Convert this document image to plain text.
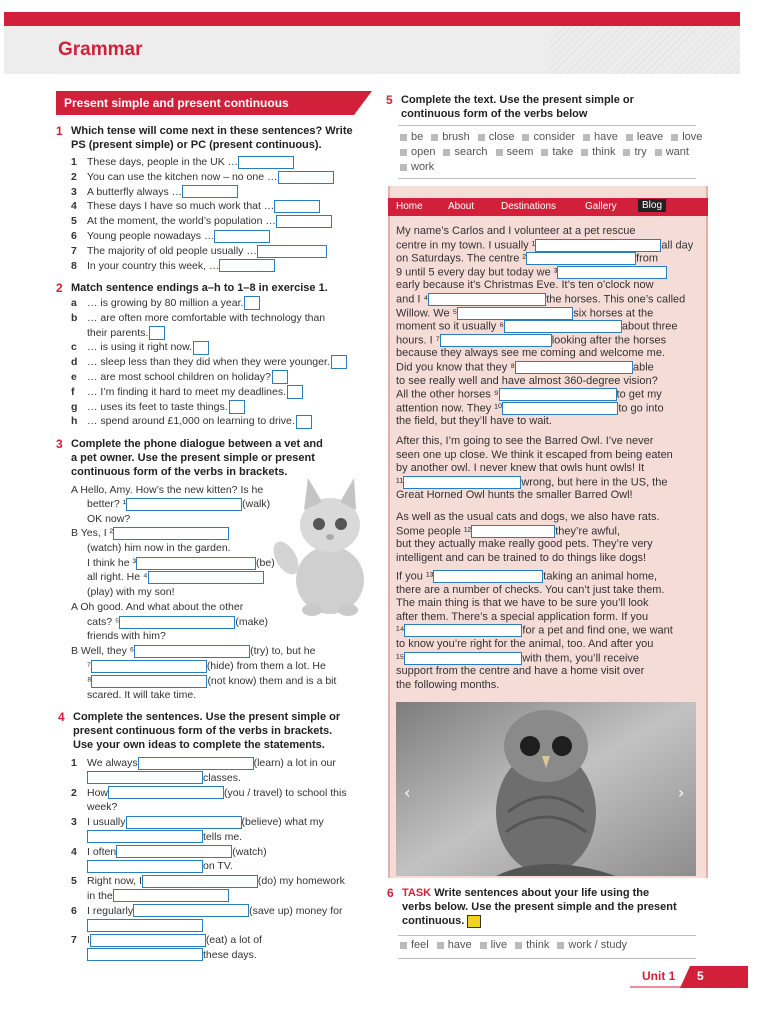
Grammar
Present simple and present continuous
1 Which tense will come next in these sentences? Write
PS (present simple) or PC (present continuous).
1 These days, people in the UK …
2 You can use the kitchen now – no one …
3 A butterfly always …
4 These days I have so much work that …
5 At the moment, the world’s population …
6 Young people nowadays …
7 The majority of old people usually …
8 In your country this week, …
2 Match sentence endings a–h to 1–8 in exercise 1.
a … is growing by 80 million a year.
b … are often more comfortable with technology than
their parents.
c … is using it right now.
d … sleep less than they did when they were younger.
e … are most school children on holiday?
f … I’m finding it hard to meet my deadlines.
g … uses its feet to taste things.
h … spend around £1,000 on learning to drive.
3 Complete the phone dialogue between a vet and
a pet owner. Use the present simple or present
continuous form of the verbs in brackets.
A Hello, Amy. How’s the new kitten? Is he
better? ¹	(walk)
OK now?
B Yes, I ²
(watch) him now in the garden.
I think he ³	(be)
all right. He ⁴
(play) with my son!
A Oh good. And what about the other
cats? ⁵	(make)
friends with him?
B Well, they ⁶	(try) to, but he
⁷	(hide) from them a lot. He
⁸	(not know) them and is a bit
scared. It will take time.
4 Complete the sentences. Use the present simple or
present continuous form of the verbs in brackets.
Use your own ideas to complete the statements.
1 We always	(learn) a lot in our
classes.
2 How	(you / travel) to school this
week?
3 I usually	(believe) what my
tells me.
4 I often	(watch)
on TV.
5 Right now, I	(do) my homework
in the
6 I regularly	(save up) money for
7 I	(eat) a lot of
these days.
5 Complete the text. Use the present simple or
continuous form of the verbs below
be brush close consider have leave love
open search seem take think try want
work
Home	About	Destinations	Gallery	Blog
My name’s Carlos and I volunteer at a pet rescue
centre in my town. I usually ¹	all day
on Saturdays. The centre ²	from
9 until 5 every day but today we ³
early because it’s Christmas Eve. It’s ten o’clock now
and I ⁴	the horses. This one’s called
Willow. We ⁵	six horses at the
moment so it usually ⁶	about three
hours. I ⁷	looking after the horses
because they always see me coming and welcome me.
Did you know that they ⁸	able
to see really well and have almost 360-degree vision?
All the other horses ⁹	to get my
attention now. They ¹⁰	to go into
the field, but they’ll have to wait.
After this, I’m going to see the Barred Owl. I’ve never
seen one up close. We think it escaped from being eaten
by another owl. I never knew that owls hunt owls! It
¹¹	wrong, but here in the US, the
Great Horned Owl hunts the smaller Barred Owl!
As well as the usual cats and dogs, we also have rats.
Some people ¹²	they’re awful,
but they actually make really good pets. They’re very
intelligent and can be trained to do things like dogs!
If you ¹³	taking an animal home,
there are a number of checks. You can’t just take them.
The main thing is that we have to be sure you’ll look
after them. There’s a special application form. If you
¹⁴	for a pet and find one, we want
to know you’re right for the animal, too. And after you
¹⁵	with them, you’ll receive
support from the centre and have a home visit over
the following months.
‹	›
6 TASK Write sentences about your life using the
verbs below. Use the present simple and the present
continuous.
feel have live think work / study
Unit 1 5
